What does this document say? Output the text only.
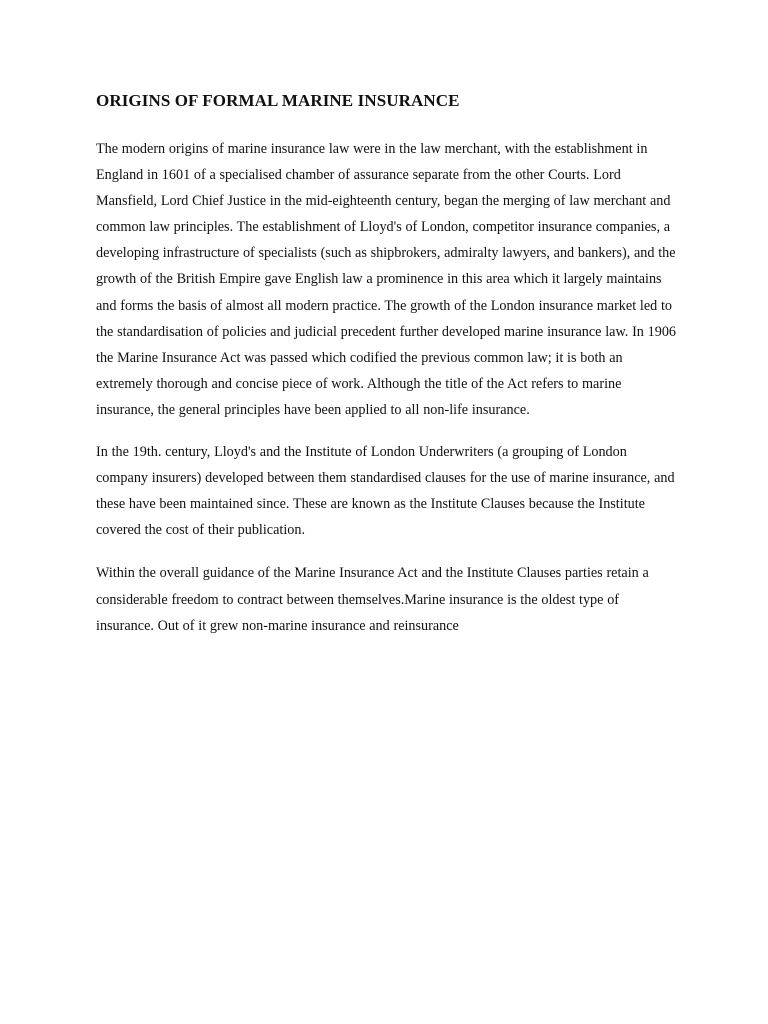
ORIGINS OF FORMAL MARINE INSURANCE

The modern origins of marine insurance law were in the law merchant, with the establishment in England in 1601 of a specialised chamber of assurance separate from the other Courts. Lord Mansfield, Lord Chief Justice in the mid-eighteenth century, began the merging of law merchant and common law principles. The establishment of Lloyd's of London, competitor insurance companies, a developing infrastructure of specialists (such as shipbrokers, admiralty lawyers, and bankers), and the growth of the British Empire gave English law a prominence in this area which it largely maintains and forms the basis of almost all modern practice. The growth of the London insurance market led to the standardisation of policies and judicial precedent further developed marine insurance law. In 1906 the Marine Insurance Act was passed which codified the previous common law; it is both an extremely thorough and concise piece of work. Although the title of the Act refers to marine insurance, the general principles have been applied to all non-life insurance.

In the 19th. century, Lloyd's and the Institute of London Underwriters (a grouping of London company insurers) developed between them standardised clauses for the use of marine insurance, and these have been maintained since. These are known as the Institute Clauses because the Institute covered the cost of their publication.

Within the overall guidance of the Marine Insurance Act and the Institute Clauses parties retain a considerable freedom to contract between themselves.Marine insurance is the oldest type of insurance. Out of it grew non-marine insurance and reinsurance
